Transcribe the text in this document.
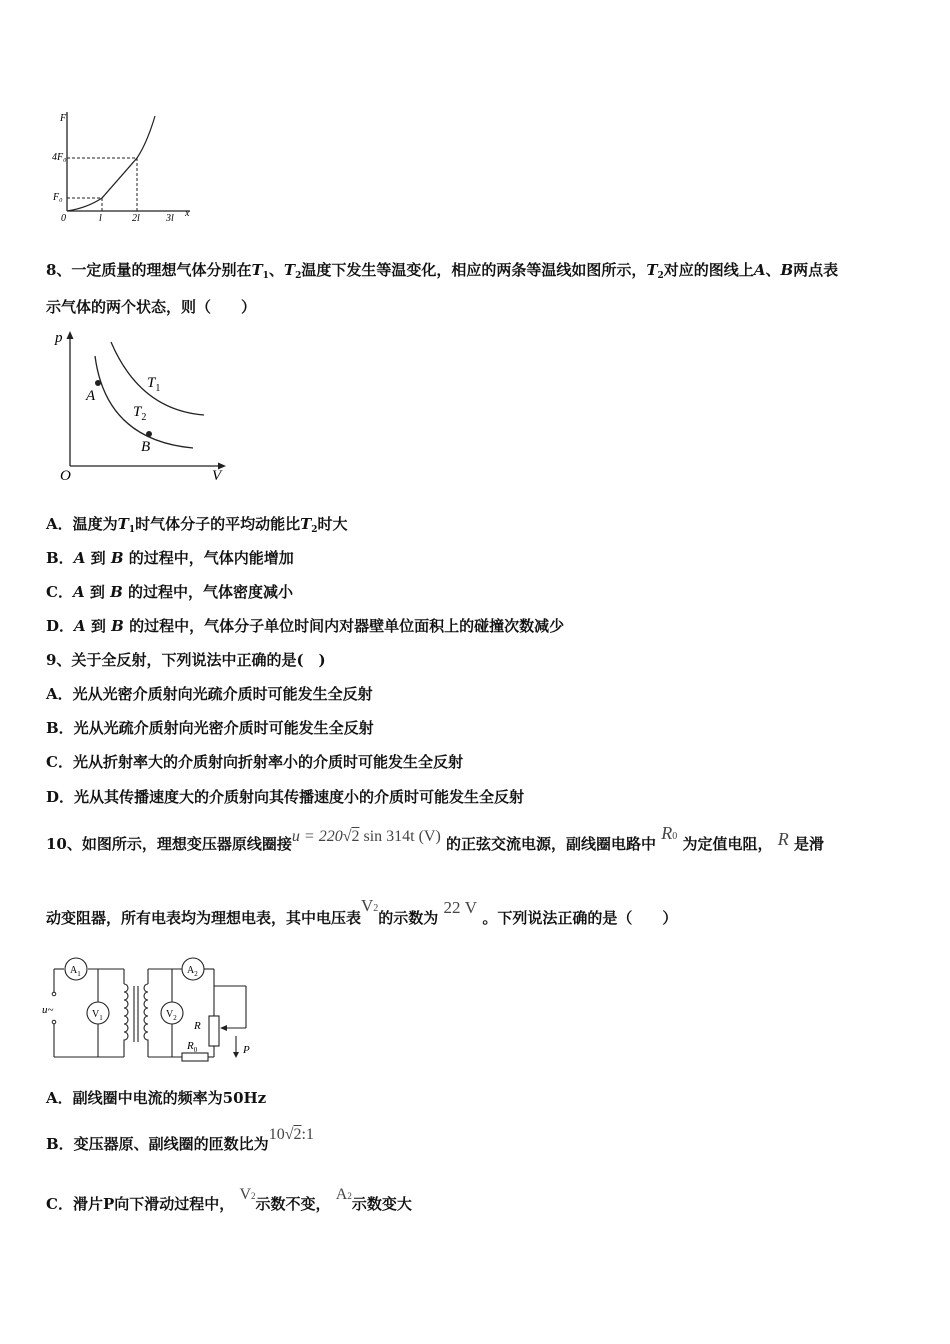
F
4F₀
F₀
0	l	2l	3l x
8、一定质量的理想气体分别在$T_1$、$T_2$温度下发生等温变化，相应的两条等温线如图所示，$T_2$对应的图线上A、B两点表
示气体的两个状态，则（　　）
p
V
O
$T_1$
$T_2$
A
B
A．温度为$T_1$时气体分子的平均动能比$T_2$时大
B．A 到 B 的过程中，气体内能增加
C．A 到 B 的过程中，气体密度减小
D．A 到 B 的过程中，气体分子单位时间内对器壁单位面积上的碰撞次数减少
9、关于全反射，下列说法中正确的是(　)
A．光从光密介质射向光疏介质时可能发生全反射
B．光从光疏介质射向光密介质时可能发生全反射
C．光从折射率大的介质射向折射率小的介质时可能发生全反射
D．光从其传播速度大的介质射向其传播速度小的介质时可能发生全反射
10、如图所示，理想变压器原线圈接u = 220√2 sin 314t (V) 的正弦交流电源，副线圈电路中 R0 为定值电阻， R 是滑
动变阻器，所有电表均为理想电表，其中电压表V2的示数为 22 V 。下列说法正确的是（　　）
$A_1$
$V_1$
$A_2$
$V_2$
u~
R
$R_0$	P
A．副线圈中电流的频率为50Hz
B．变压器原、副线圈的匝数比为10√2:1
C．滑片P向下滑动过程中， V2示数不变， A2示数变大
